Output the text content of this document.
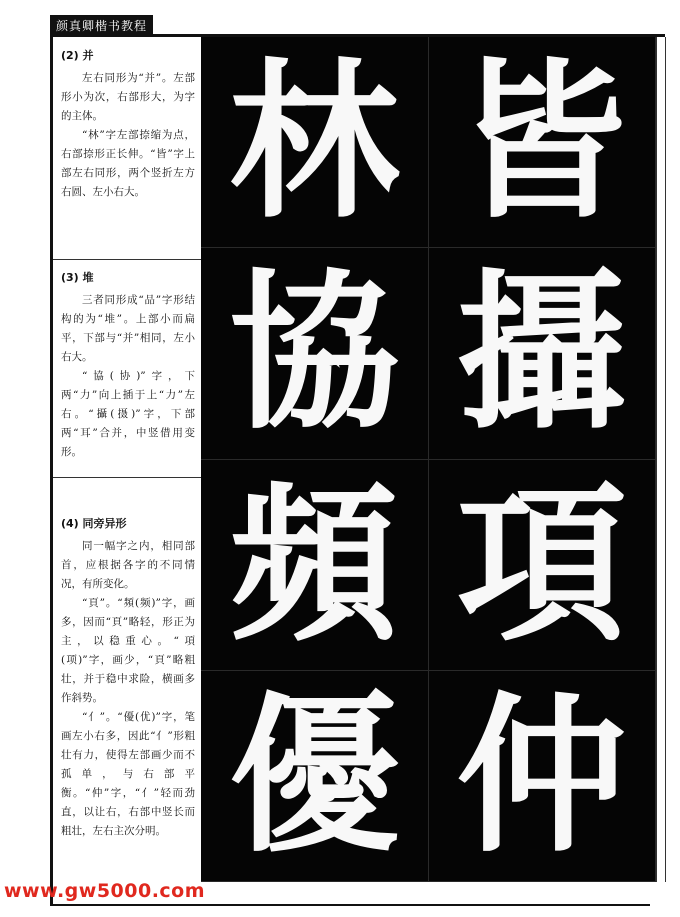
颜真卿楷书教程
(2) 并

左右同形为“并”。左部形小为次，右部形大，为字的主体。

“林”字左部捺缩为点，右部捺形正长伸。“皆”字上部左右同形，两个竖折左方右圆、左小右大。

(3) 堆

三者同形成“品”字形结构的为“堆”。上部小而扁平，下部与“并”相同，左小右大。

“協(协)”字，下两“力”向上插于上“力”左右。“攝(摄)”字，下部两“耳”合并，中竖借用变形。

(4) 同旁异形

同一幅字之内，相同部首，应根据各字的不同情况，有所变化。

“頁”。“頻(频)”字，画多，因而“頁”略轻，形正为主，以稳重心。“項(项)”字，画少，“頁”略粗壮，并于稳中求险，横画多作斜势。

“亻”。“優(优)”字，笔画左小右多，因此“亻”形粗壮有力，使得左部画少而不孤单，与右部平衡。“仲”字，“亻”轻而劲直，以让右，右部中竖长而粗壮，左右主次分明。

林 皆
協 攝
頻 項
優 仲
www.gw5000.com
